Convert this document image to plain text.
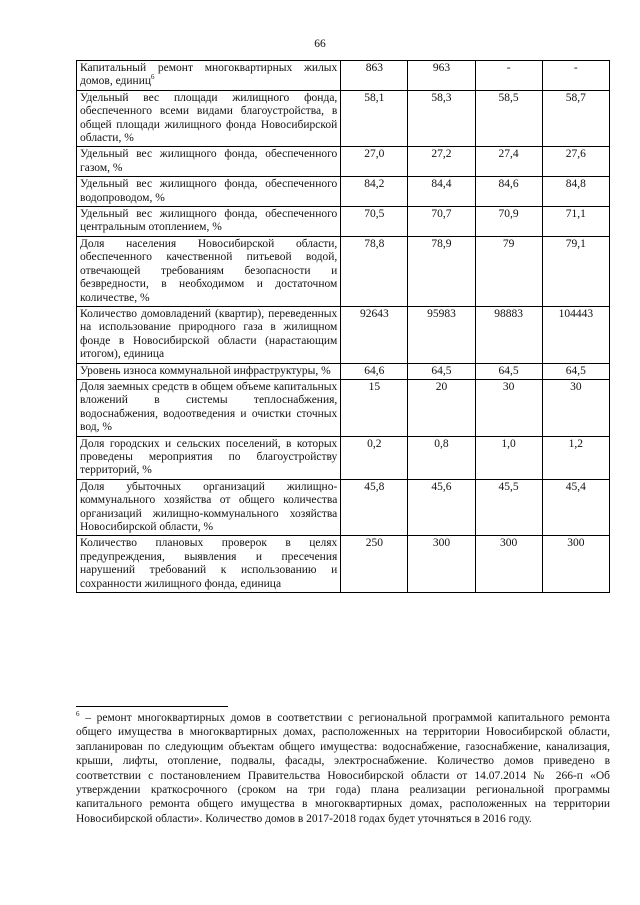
66
Капитальный ремонт многоквартирных жилых домов, единиц$^6$	863	963	-	-
Удельный вес площади жилищного фонда, обеспеченного всеми видами благоустройства, в общей площади жилищного фонда Новосибирской области, %	58,1	58,3	58,5	58,7
Удельный вес жилищного фонда, обеспеченного газом, %	27,0	27,2	27,4	27,6
Удельный вес жилищного фонда, обеспеченного водопроводом, %	84,2	84,4	84,6	84,8
Удельный вес жилищного фонда, обеспеченного центральным отоплением, %	70,5	70,7	70,9	71,1
Доля населения Новосибирской области, обеспеченного качественной питьевой водой, отвечающей требованиям безопасности и безвредности, в необходимом и достаточном количестве, %	78,8	78,9	79	79,1
Количество домовладений (квартир), переведенных на использование природного газа в жилищном фонде в Новосибирской области (нарастающим итогом), единица	92643	95983	98883	104443
Уровень износа коммунальной инфраструктуры, %	64,6	64,5	64,5	64,5
Доля заемных средств в общем объеме капитальных вложений в системы теплоснабжения, водоснабжения, водоотведения и очистки сточных вод, %	15	20	30	30
Доля городских и сельских поселений, в которых проведены мероприятия по благоустройству территорий, %	0,2	0,8	1,0	1,2
Доля убыточных организаций жилищно-коммунального хозяйства от общего количества организаций жилищно-коммунального хозяйства Новосибирской области, %	45,8	45,6	45,5	45,4
Количество плановых проверок в целях предупреждения, выявления и пресечения нарушений требований к использованию и сохранности жилищного фонда, единица	250	300	300	300
$^6$ – ремонт многоквартирных домов в соответствии с региональной программой капитального ремонта общего имущества в многоквартирных домах, расположенных на территории Новосибирской области, запланирован по следующим объектам общего имущества: водоснабжение, газоснабжение, канализация, крыши, лифты, отопление, подвалы, фасады, электроснабжение. Количество домов приведено в соответствии с постановлением Правительства Новосибирской области от 14.07.2014 № 266-п «Об утверждении краткосрочного (сроком на три года) плана реализации региональной программы капитального ремонта общего имущества в многоквартирных домах, расположенных на территории Новосибирской области». Количество домов в 2017-2018 годах будет уточняться в 2016 году.
